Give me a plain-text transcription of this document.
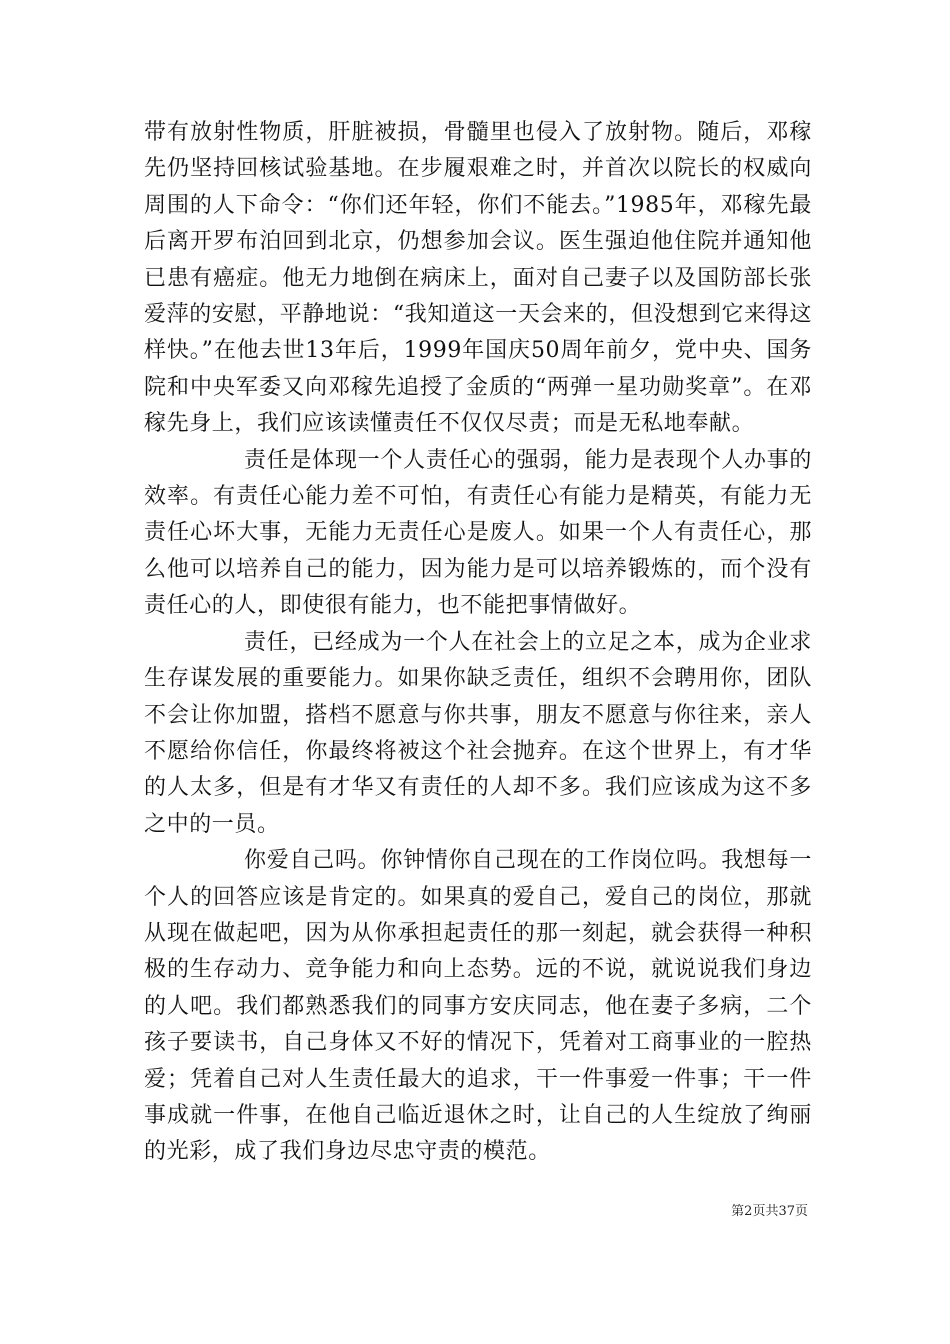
带有放射性物质，肝脏被损，骨髓里也侵入了放射物。随后，邓稼先仍坚持回核试验基地。在步履艰难之时，并首次以院长的权威向周围的人下命令：“你们还年轻，你们不能去。”1985年，邓稼先最后离开罗布泊回到北京，仍想参加会议。医生强迫他住院并通知他已患有癌症。他无力地倒在病床上，面对自己妻子以及国防部长张爱萍的安慰，平静地说：“我知道这一天会来的，但没想到它来得这样快。”在他去世13年后，1999年国庆50周年前夕，党中央、国务院和中央军委又向邓稼先追授了金质的“两弹一星功勋奖章”。在邓稼先身上，我们应该读懂责任不仅仅尽责；而是无私地奉献。

责任是体现一个人责任心的强弱，能力是表现个人办事的效率。有责任心能力差不可怕，有责任心有能力是精英，有能力无责任心坏大事，无能力无责任心是废人。如果一个人有责任心，那么他可以培养自己的能力，因为能力是可以培养锻炼的，而个没有责任心的人，即使很有能力，也不能把事情做好。

责任，已经成为一个人在社会上的立足之本，成为企业求生存谋发展的重要能力。如果你缺乏责任，组织不会聘用你，团队不会让你加盟，搭档不愿意与你共事，朋友不愿意与你往来，亲人不愿给你信任，你最终将被这个社会抛弃。在这个世界上，有才华的人太多，但是有才华又有责任的人却不多。我们应该成为这不多之中的一员。

你爱自己吗。你钟情你自己现在的工作岗位吗。我想每一个人的回答应该是肯定的。如果真的爱自己，爱自己的岗位，那就从现在做起吧，因为从你承担起责任的那一刻起，就会获得一种积极的生存动力、竞争能力和向上态势。远的不说，就说说我们身边的人吧。我们都熟悉我们的同事方安庆同志，他在妻子多病，二个孩子要读书，自己身体又不好的情况下，凭着对工商事业的一腔热爱；凭着自己对人生责任最大的追求，干一件事爱一件事；干一件事成就一件事，在他自己临近退休之时，让自己的人生绽放了绚丽的光彩，成了我们身边尽忠守责的模范。

第2页共37页
